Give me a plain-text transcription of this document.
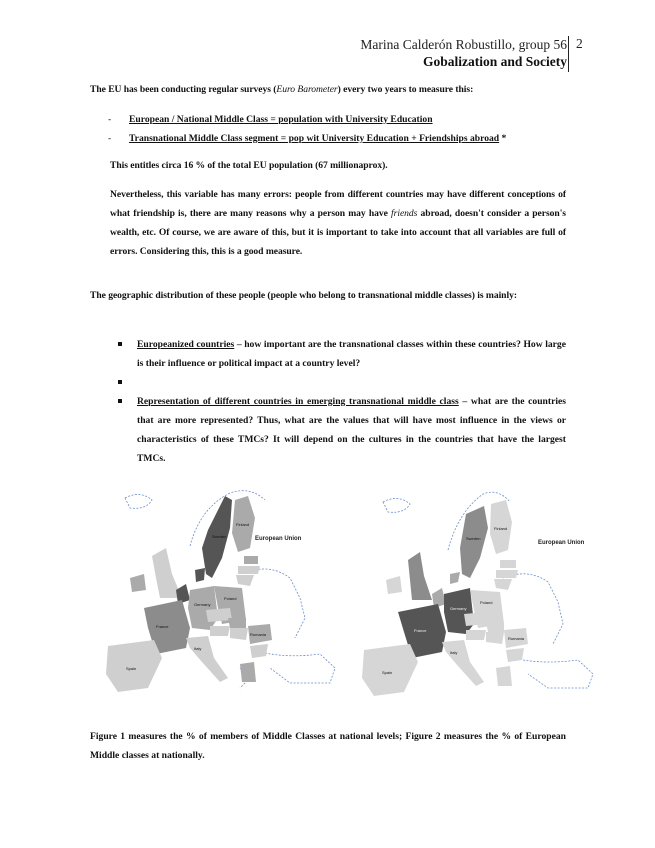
Marina Calderón Robustillo, group 56
Gobalization and Society
2
The EU has been conducting regular surveys (Euro Barometer) every two years to measure this:
- European / National Middle Class = population with University Education
- Transnational Middle Class segment = pop wit University Education + Friendships abroad *
This entitles circa 16 % of the total EU population (67 millionaprox).
Nevertheless, this variable has many errors: people from different countries may have different conceptions of what friendship is, there are many reasons why a person may have friends abroad, doesn't consider a person's wealth, etc. Of course, we are aware of this, but it is important to take into account that all variables are full of errors. Considering this, this is a good measure.
The geographic distribution of these people (people who belong to transnational middle classes) is mainly:
Europeanized countries – how important are the transnational classes within these countries? How large is their influence or political impact at a country level?
Representation of different countries in emerging transnational middle class – what are the countries that are more represented? Thus, what are the values that will have most influence in the views or characteristics of these TMCs? It will depend on the cultures in the countries that have the largest TMCs.
European Union
Sweden
Finland
France
Germany
Poland
Spain
Italy
Romania
European Union
Sweden
Finland
France
Germany
Poland
Spain
Italy
Romania
Figure 1 measures the % of members of Middle Classes at national levels; Figure 2 measures the % of European Middle classes at nationally.
